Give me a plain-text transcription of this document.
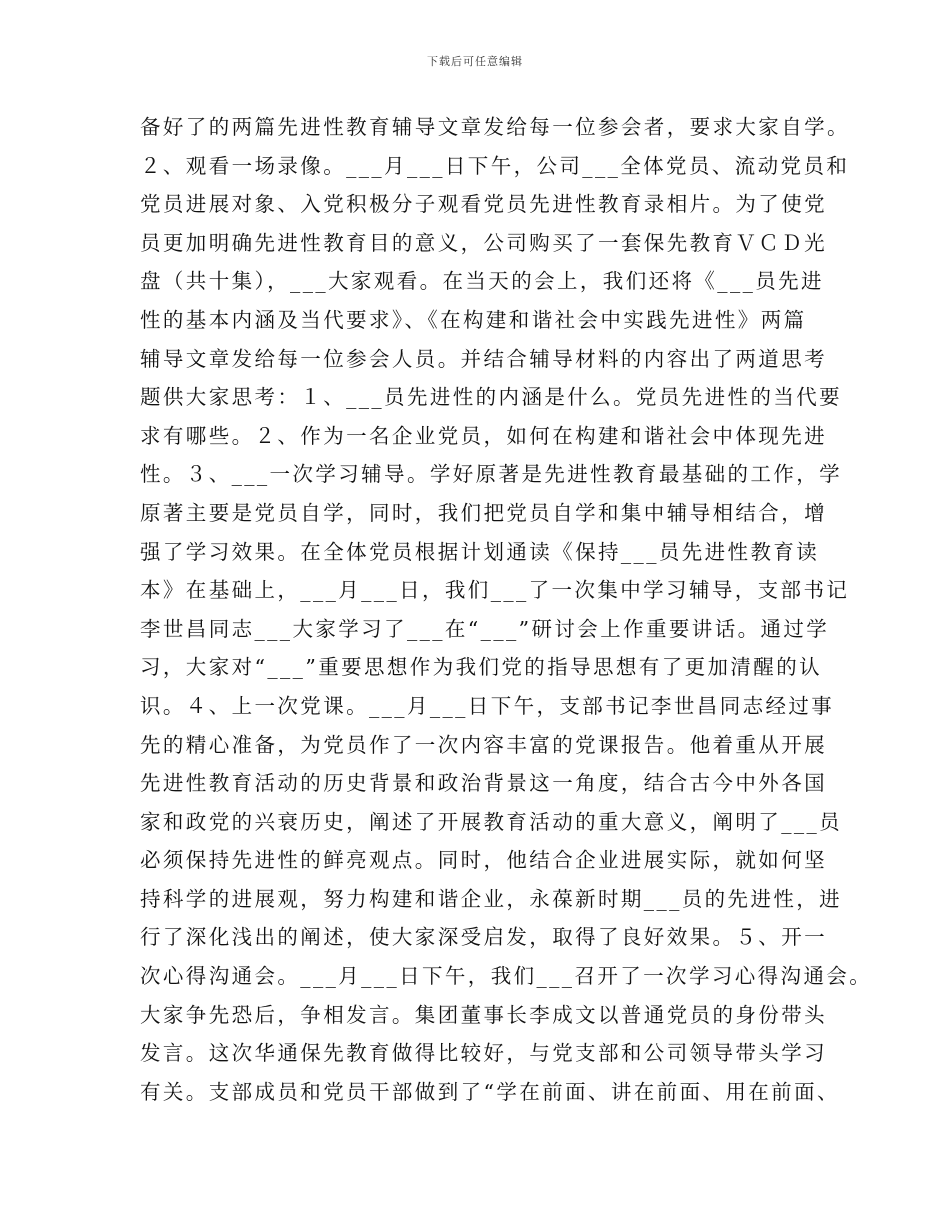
下载后可任意编辑
备好了的两篇先进性教育辅导文章发给每一位参会者，要求大家自学。
２、观看一场录像。___月___日下午，公司___全体党员、流动党员和
党员进展对象、入党积极分子观看党员先进性教育录相片。为了使党
员更加明确先进性教育目的意义，公司购买了一套保先教育ＶＣＤ光
盘（共十集），___大家观看。在当天的会上，我们还将《___员先进
性的基本内涵及当代要求》、《在构建和谐社会中实践先进性》两篇
辅导文章发给每一位参会人员。并结合辅导材料的内容出了两道思考
题供大家思考：１、___员先进性的内涵是什么。党员先进性的当代要
求有哪些。２、作为一名企业党员，如何在构建和谐社会中体现先进
性。３、___一次学习辅导。学好原著是先进性教育最基础的工作，学
原著主要是党员自学，同时，我们把党员自学和集中辅导相结合，增
强了学习效果。在全体党员根据计划通读《保持___员先进性教育读
本》在基础上，___月___日，我们___了一次集中学习辅导，支部书记
李世昌同志___大家学习了___在“___”研讨会上作重要讲话。通过学
习，大家对“___”重要思想作为我们党的指导思想有了更加清醒的认
识。４、上一次党课。___月___日下午，支部书记李世昌同志经过事
先的精心准备，为党员作了一次内容丰富的党课报告。他着重从开展
先进性教育活动的历史背景和政治背景这一角度，结合古今中外各国
家和政党的兴衰历史，阐述了开展教育活动的重大意义，阐明了___员
必须保持先进性的鲜亮观点。同时，他结合企业进展实际，就如何坚
持科学的进展观，努力构建和谐企业，永葆新时期___员的先进性，进
行了深化浅出的阐述，使大家深受启发，取得了良好效果。５、开一
次心得沟通会。___月___日下午，我们___召开了一次学习心得沟通会。
大家争先恐后，争相发言。集团董事长李成文以普通党员的身份带头
发言。这次华通保先教育做得比较好，与党支部和公司领导带头学习
有关。支部成员和党员干部做到了“学在前面、讲在前面、用在前面、
